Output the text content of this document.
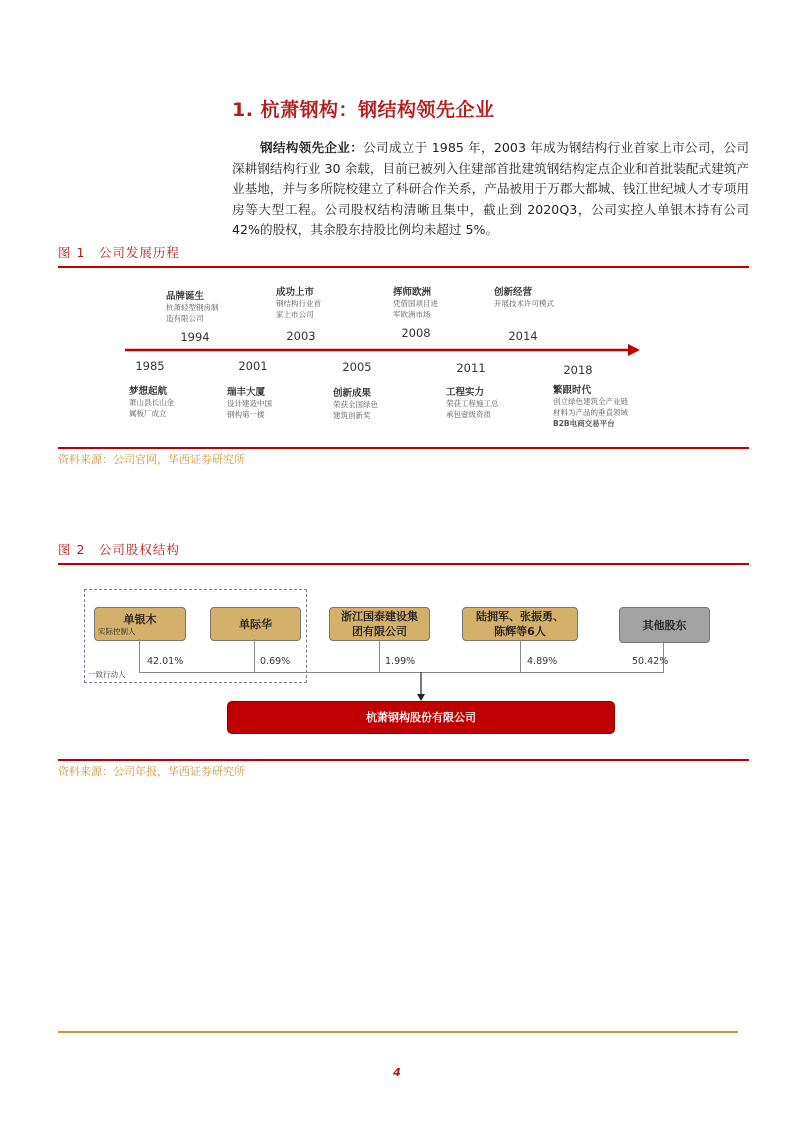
1. 杭萧钢构：钢结构领先企业
钢结构领先企业：公司成立于 1985 年，2003 年成为钢结构行业首家上市公司，公司深耕钢结构行业 30 余载，目前已被列入住建部首批建筑钢结构定点企业和首批装配式建筑产业基地，并与多所院校建立了科研合作关系，产品被用于万郡大都城、钱江世纪城人才专项用房等大型工程。公司股权结构清晰且集中，截止到 2020Q3，公司实控人单银木持有公司 42%的股权，其余股东持股比例均未超过 5%。
图 1　公司发展历程
1994	2003	2008	2014
1985	2001	2005	2011	2018
品牌诞生
杭萧轻型钢房制
造有限公司
成功上市
钢结构行业首
家上市公司
挥师欧洲
凭借国项目进
军欧洲市场
创新经营
开展技术许可模式
梦想起航
萧山县长山金
属板厂成立
瑞丰大厦
设计建造中国
钢构第一楼
创新成果
荣获全国绿色
建筑创新奖
工程实力
荣获工程施工总
承包壹级资质
繁跟时代
创立绿色建筑全产业链
材料为产品的垂直领域
B2B电商交易平台
资料来源：公司官网，华西证券研究所
图 2　公司股权结构
一致行动人
单银木
实际控制人
单际华
浙江国泰建设集团有限公司
陆拥军、张振勇、陈辉等6人	其他股东
42.01%	0.69%	1.99%	4.89%	50.42%
杭萧钢构股份有限公司
资料来源：公司年报，华西证券研究所
4
